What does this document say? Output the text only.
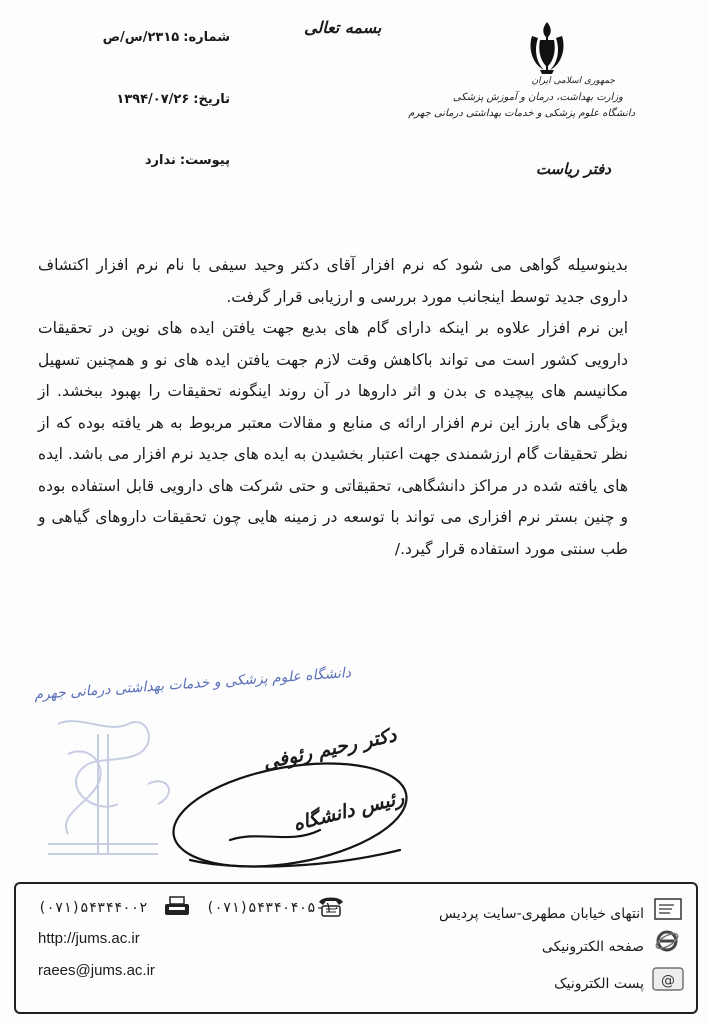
جمهوری اسلامی ایران
وزارت بهداشت، درمان و آموزش پزشکی
دانشگاه علوم پزشکی و خدمات بهداشتی درمانی جهرم
دفتر ریاست
بسمه تعالی
شماره:۲۳۱۵/س/ص
تاریخ:۱۳۹۴/۰۷/۲۶
پیوست:ندارد

بدینوسیله گواهی می شود که نرم افزار آقای دکتر وحید سیفی با نام نرم افزار اکتشاف داروی جدید توسط اینجانب مورد بررسی و ارزیابی قرار گرفت.

این نرم افزار علاوه بر اینکه دارای گام های بدیع جهت یافتن ایده های نوین در تحقیقات دارویی کشور است می تواند باکاهش وقت لازم جهت یافتن ایده های نو و همچنین تسهیل مکانیسم های پیچیده ی بدن و اثر داروها در آن روند اینگونه تحقیقات را بهبود ببخشد. از ویژگی های بارز این نرم افزار ارائه ی منابع و مقالات معتبر مربوط به هر یافته بوده که از نظر تحقیقات گام ارزشمندی جهت اعتبار بخشیدن به ایده های جدید نرم افزار می باشد. ایده های یافته شده در مراکز دانشگاهی، تحقیقاتی و حتی شرکت های دارویی قابل استفاده بوده و چنین بستر نرم افزاری می تواند با توسعه در زمینه هایی چون تحقیقات داروهای گیاهی و طب سنتی مورد استفاده قرار گیرد./

دانشگاه علوم پزشکی و خدمات بهداشتی درمانی جهرم
دکتر رحیم رئوفی
رئیس دانشگاه
انتهای خیابان مطهری-سایت پردیس
صفحه الکترونیکی
@
پست الکترونیک
(۰۷۱)۵۴۳۴۰۴۰۵-۱۰
(۰۷۱)۵۴۳۴۴۰۰۲
http://jums.ac.ir
raees@jums.ac.ir
